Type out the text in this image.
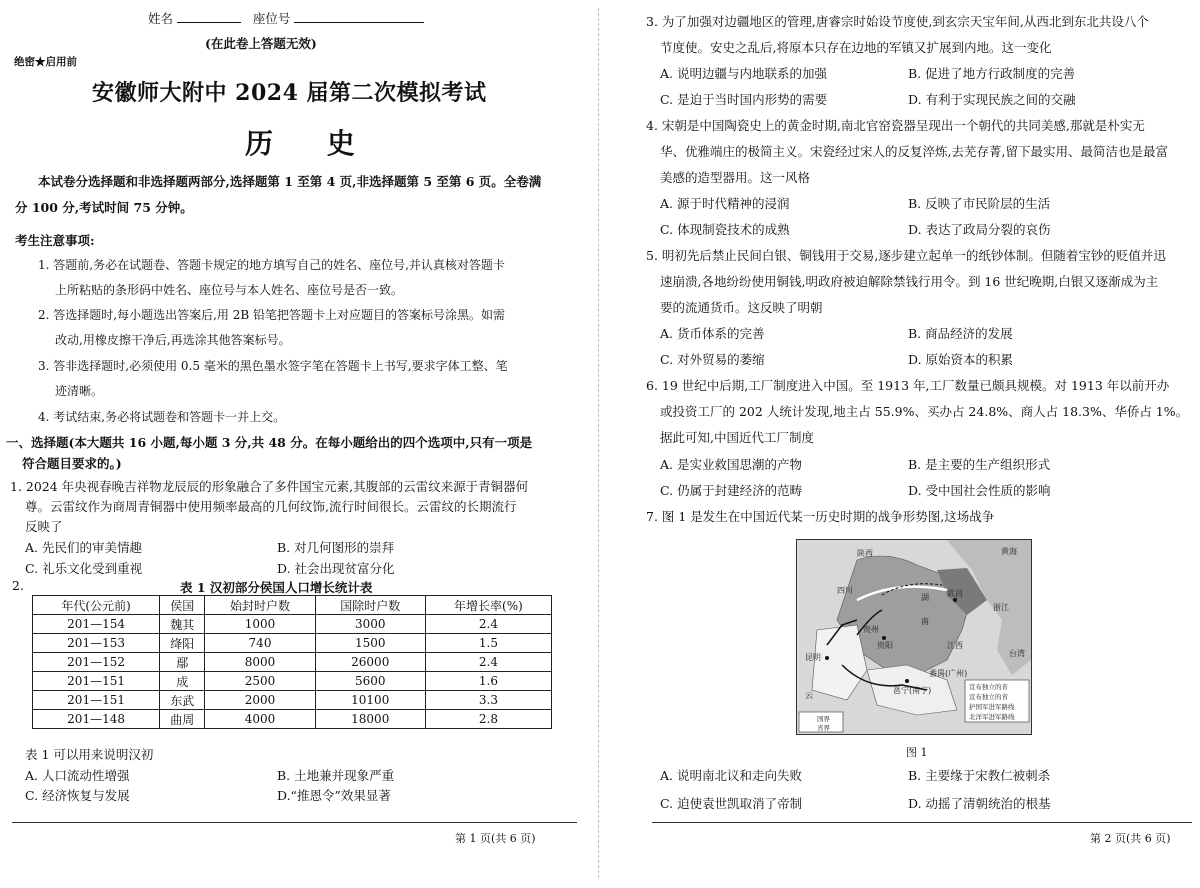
姓名	座位号
(在此卷上答题无效)
绝密★启用前
安徽师大附中 2024 届第二次模拟考试
历 史
本试卷分选择题和非选择题两部分,选择题第 1 至第 4 页,非选择题第 5 至第 6 页。全卷满
分 100 分,考试时间 75 分钟。
考生注意事项:
1. 答题前,务必在试题卷、答题卡规定的地方填写自己的姓名、座位号,并认真核对答题卡
上所粘贴的条形码中姓名、座位号与本人姓名、座位号是否一致。
2. 答选择题时,每小题选出答案后,用 2B 铅笔把答题卡上对应题目的答案标号涂黑。如需
改动,用橡皮擦干净后,再选涂其他答案标号。
3. 答非选择题时,必须使用 0.5 毫米的黑色墨水签字笔在答题卡上书写,要求字体工整、笔
迹清晰。
4. 考试结束,务必将试题卷和答题卡一并上交。
一、选择题(本大题共 16 小题,每小题 3 分,共 48 分。在每小题给出的四个选项中,只有一项是
符合题目要求的。)
1. 2024 年央视春晚吉祥物龙辰辰的形象融合了多件国宝元素,其腹部的云雷纹来源于青铜器何
尊。云雷纹作为商周青铜器中使用频率最高的几何纹饰,流行时间很长。云雷纹的长期流行
反映了
A. 先民们的审美情趣	B. 对几何图形的崇拜
C. 礼乐文化受到重视	D. 社会出现贫富分化
2.	表 1 汉初部分侯国人口增长统计表
年代(公元前)	侯国	始封时户数	国除时户数	年增长率(%)
201—154	魏其	1000	3000	2.4
201—153	绛阳	740	1500	1.5
201—152	鄢	8000	26000	2.4
201—151	成	2500	5600	1.6
201—151	东武	2000	10100	3.3
201—148	曲周	4000	18000	2.8
表 1 可以用来说明汉初
A. 人口流动性增强	B. 土地兼并现象严重
C. 经济恢复与发展	D.“推恩令”效果显著
第 1 页(共 6 页)
3. 为了加强对边疆地区的管理,唐睿宗时始设节度使,到玄宗天宝年间,从西北到东北共设八个
节度使。安史之乱后,将原本只存在边地的军镇又扩展到内地。这一变化
A. 说明边疆与内地联系的加强	B. 促进了地方行政制度的完善
C. 是迫于当时国内形势的需要	D. 有利于实现民族之间的交融
4. 宋朝是中国陶瓷史上的黄金时期,南北官窑瓷器呈现出一个朝代的共同美感,那就是朴实无
华、优雅端庄的极简主义。宋瓷经过宋人的反复淬炼,去芜存菁,留下最实用、最简洁也是最富
美感的造型器用。这一风格
A. 源于时代精神的浸润	B. 反映了市民阶层的生活
C. 体现制瓷技术的成熟	D. 表达了政局分裂的哀伤
5. 明初先后禁止民间白银、铜钱用于交易,逐步建立起单一的纸钞体制。但随着宝钞的贬值并迅
速崩溃,各地纷纷使用铜钱,明政府被迫解除禁钱行用令。到 16 世纪晚期,白银又逐渐成为主
要的流通货币。这反映了明朝
A. 货币体系的完善	B. 商品经济的发展
C. 对外贸易的萎缩	D. 原始资本的积累
6. 19 世纪中后期,工厂制度进入中国。至 1913 年,工厂数量已颇具规模。对 1913 年以前开办
或投资工厂的 202 人统计发现,地主占 55.9%、买办占 24.8%、商人占 18.3%、华侨占 1%。
据此可知,中国近代工厂制度
A. 是实业救国思潮的产物	B. 是主要的生产组织形式
C. 仍属于封建经济的范畴	D. 受中国社会性质的影响
7. 图 1 是发生在中国近代某一历史时期的战争形势图,这场战争
陕西
四川
湖
南
贵州
贵阳
昆明
云
邕宁(南宁)
番禺(广州)
武昌
浙江
江西
台湾
黄海
宣布独立的省
宣布独立的省
护国军进军路线
北洋军进军路线
国界
省界
图 1
A. 说明南北议和走向失败	B. 主要缘于宋教仁被刺杀
C. 迫使袁世凯取消了帝制	D. 动摇了清朝统治的根基
第 2 页(共 6 页)
